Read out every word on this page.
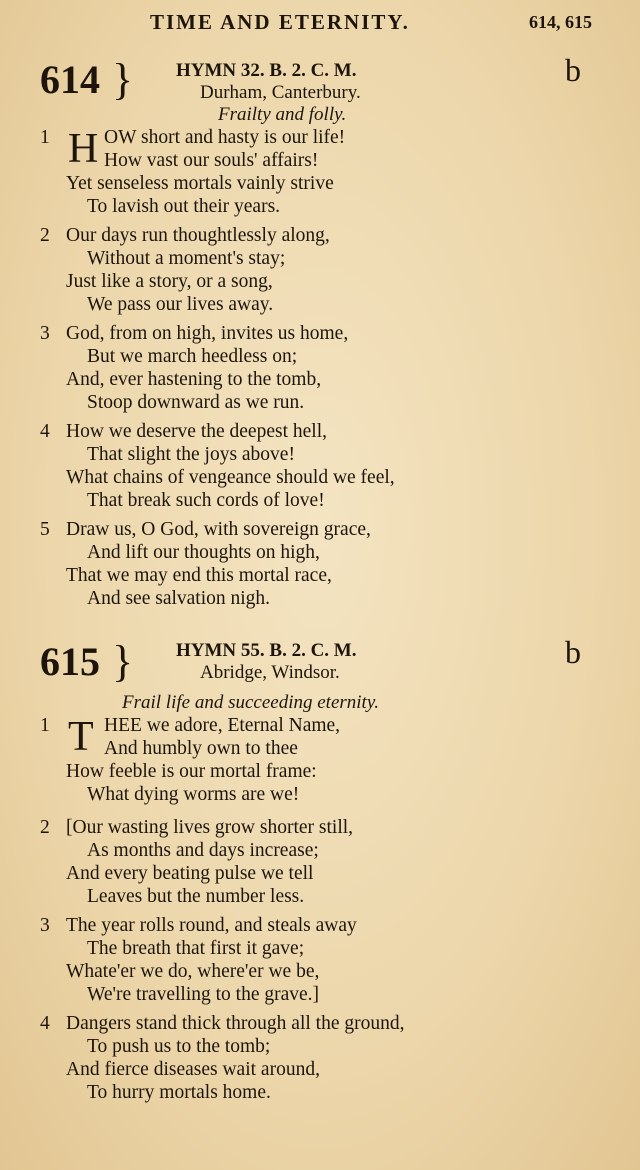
TIME AND ETERNITY.	614, 615
614 } HYMN 32. B. 2. C. M.
Durham, Canterbury.
Frailty and folly.
b
1 H OW short and hasty is our life!
How vast our souls' affairs!
Yet senseless mortals vainly strive
To lavish out their years.
2 Our days run thoughtlessly along,
Without a moment's stay;
Just like a story, or a song,
We pass our lives away.
3 God, from on high, invites us home,
But we march heedless on;
And, ever hastening to the tomb,
Stoop downward as we run.
4 How we deserve the deepest hell,
That slight the joys above!
What chains of vengeance should we feel,
That break such cords of love!
5 Draw us, O God, with sovereign grace,
And lift our thoughts on high,
That we may end this mortal race,
And see salvation nigh.
615 } HYMN 55. B. 2. C. M.
Abridge, Windsor.
Frail life and succeeding eternity.
b
1 T HEE we adore, Eternal Name,
And humbly own to thee
How feeble is our mortal frame:
What dying worms are we!
2 [Our wasting lives grow shorter still,
As months and days increase;
And every beating pulse we tell
Leaves but the number less.
3 The year rolls round, and steals away
The breath that first it gave;
Whate'er we do, where'er we be,
We're travelling to the grave.]
4 Dangers stand thick through all the ground,
To push us to the tomb;
And fierce diseases wait around,
To hurry mortals home.
